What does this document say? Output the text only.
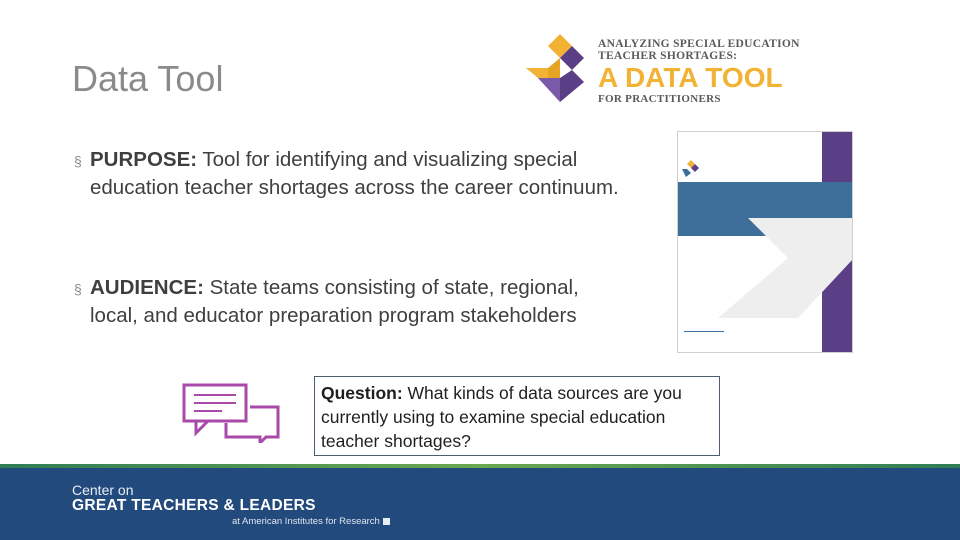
Data Tool
ANALYZING SPECIAL EDUCATION
TEACHER SHORTAGES:
A DATA TOOL
FOR PRACTITIONERS
§ PURPOSE: Tool for identifying and visualizing special education teacher shortages across the career continuum.
§ AUDIENCE: State teams consisting of state, regional, local, and educator preparation program stakeholders
Question: What kinds of data sources are you currently using to examine special education teacher shortages?
Center on
GREAT TEACHERS & LEADERS
at American Institutes for Research
